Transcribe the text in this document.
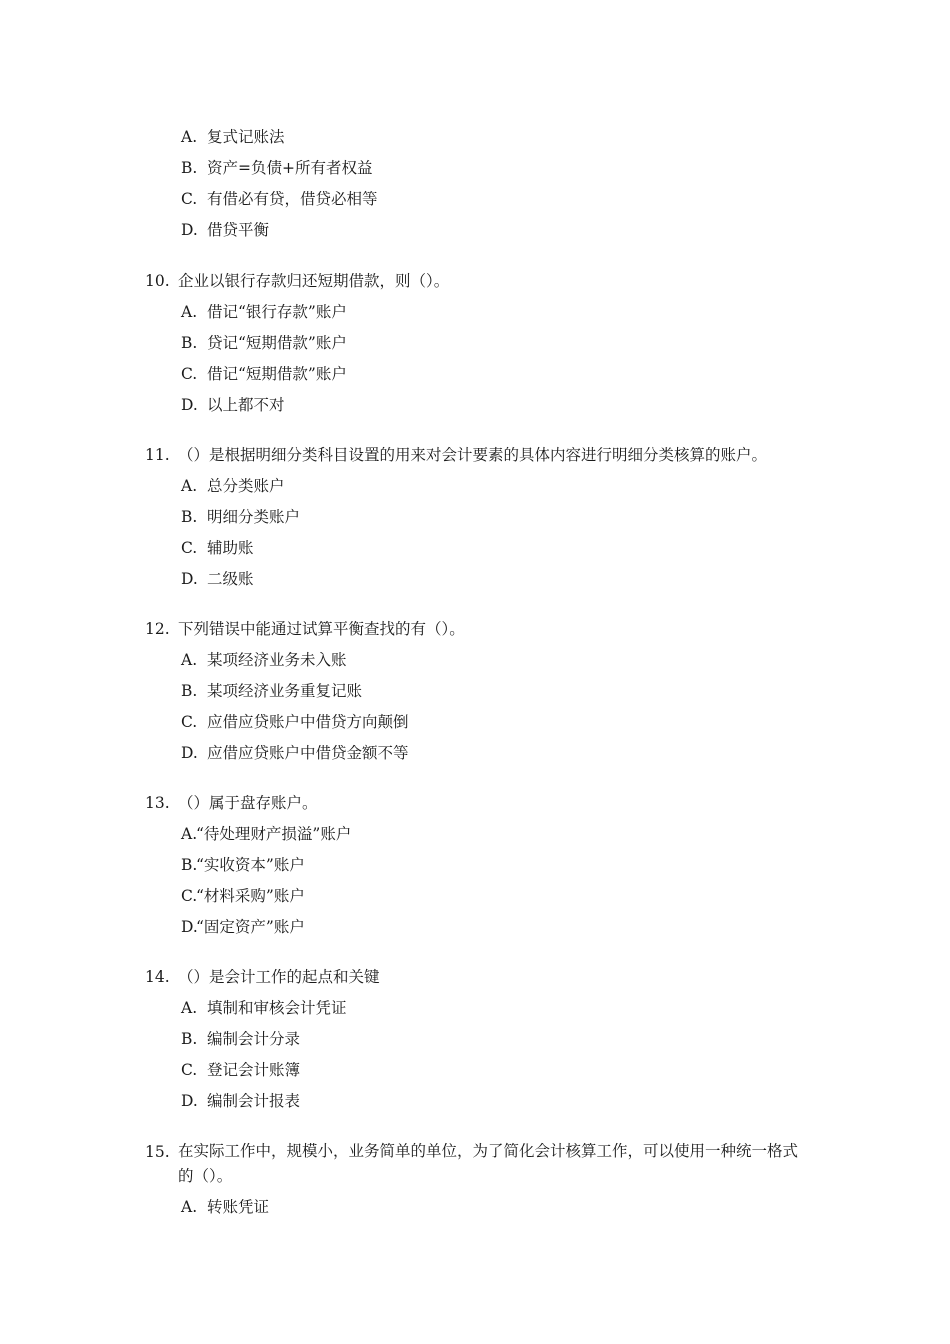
A. 复式记账法
B. 资产=负债+所有者权益
C. 有借必有贷，借贷必相等
D. 借贷平衡
10. 企业以银行存款归还短期借款，则（）。
A. 借记“银行存款”账户
B. 贷记“短期借款”账户
C. 借记“短期借款”账户
D. 以上都不对
11. （）是根据明细分类科目设置的用来对会计要素的具体内容进行明细分类核算的账户。
A. 总分类账户
B. 明细分类账户
C. 辅助账
D. 二级账
12. 下列错误中能通过试算平衡查找的有（）。
A. 某项经济业务未入账
B. 某项经济业务重复记账
C. 应借应贷账户中借贷方向颠倒
D. 应借应贷账户中借贷金额不等
13. （）属于盘存账户。
A.
“待处理财产损溢”账户
B.
“实收资本”账户
C.
“材料采购”账户
D.
“固定资产”账户
14. （）是会计工作的起点和关键
A. 填制和审核会计凭证
B. 编制会计分录
C. 登记会计账簿
D. 编制会计报表
15. 在实际工作中，规模小，业务简单的单位，为了简化会计核算工作，可以使用一种统一格式的（）。
A. 转账凭证
